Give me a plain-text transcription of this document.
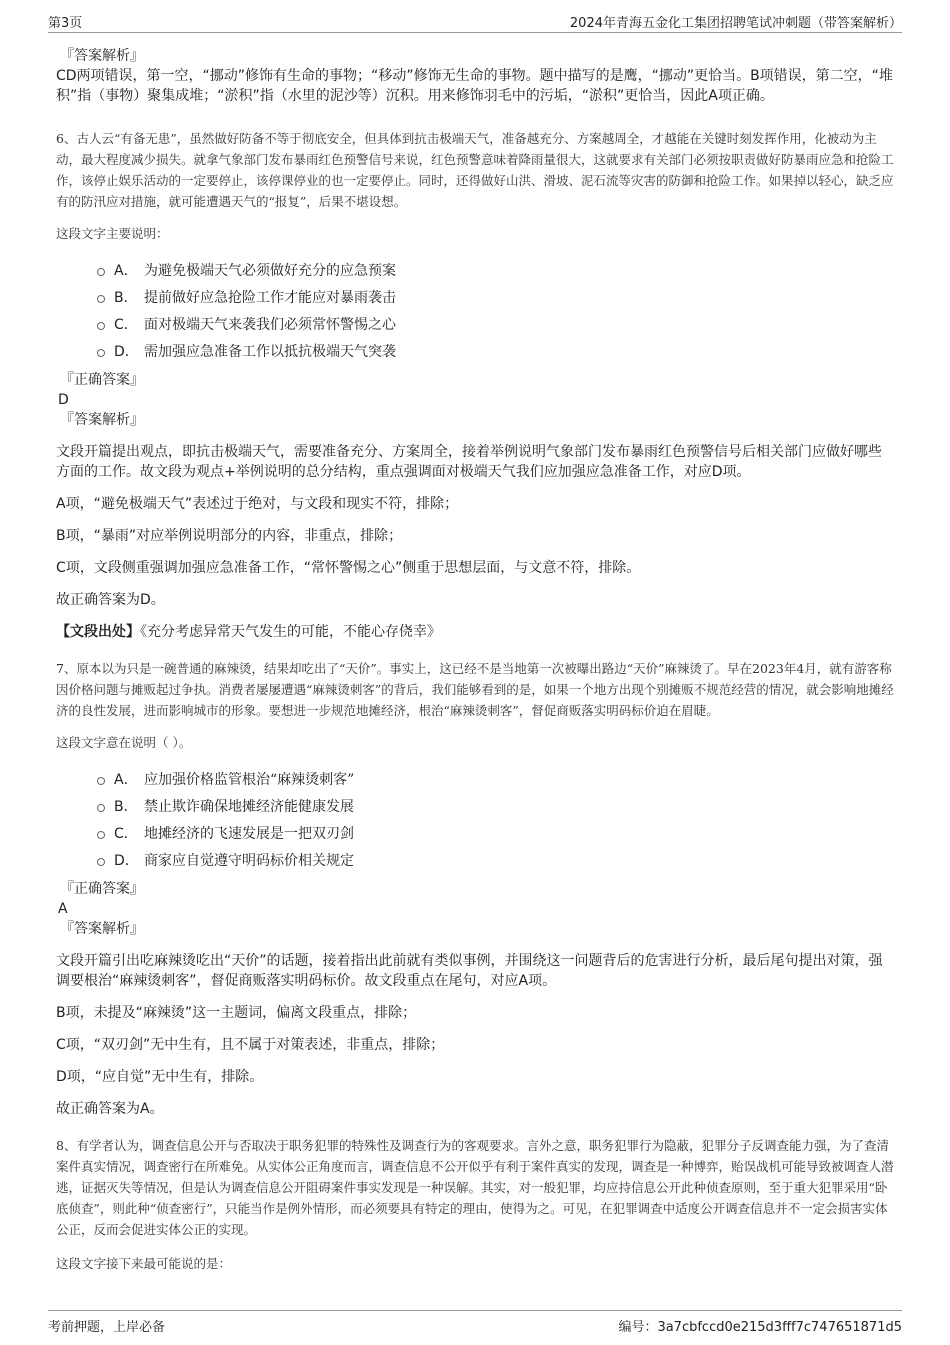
第3页	2024年青海五金化工集团招聘笔试冲刺题（带答案解析）
『答案解析』

CD两项错误，第一空，“挪动”修饰有生命的事物；“移动”修饰无生命的事物。题中描写的是鹰，“挪动”更恰当。B项错误，第二空，“堆积”指（事物）聚集成堆；“淤积”指（水里的泥沙等）沉积。用来修饰羽毛中的污垢，“淤积”更恰当，因此A项正确。

6、古人云“有备无患”，虽然做好防备不等于彻底安全，但具体到抗击极端天气，准备越充分、方案越周全，才越能在关键时刻发挥作用，化被动为主动，最大程度减少损失。就拿气象部门发布暴雨红色预警信号来说，红色预警意味着降雨量很大，这就要求有关部门必须按职责做好防暴雨应急和抢险工作，该停止娱乐活动的一定要停止，该停课停业的也一定要停止。同时，还得做好山洪、滑坡、泥石流等灾害的防御和抢险工作。如果掉以轻心，缺乏应有的防汛应对措施，就可能遭遇天气的“报复”，后果不堪设想。

这段文字主要说明：

A． 为避免极端天气必须做好充分的应急预案
B． 提前做好应急抢险工作才能应对暴雨袭击
C． 面对极端天气来袭我们必须常怀警惕之心
D． 需加强应急准备工作以抵抗极端天气突袭
『正确答案』
D
『答案解析』

文段开篇提出观点，即抗击极端天气，需要准备充分、方案周全，接着举例说明气象部门发布暴雨红色预警信号后相关部门应做好哪些方面的工作。故文段为观点+举例说明的总分结构，重点强调面对极端天气我们应加强应急准备工作，对应D项。

A项，“避免极端天气”表述过于绝对，与文段和现实不符，排除；

B项，“暴雨”对应举例说明部分的内容，非重点，排除；

C项，文段侧重强调加强应急准备工作，“常怀警惕之心”侧重于思想层面，与文意不符，排除。

故正确答案为D。

【文段出处】《充分考虑异常天气发生的可能，不能心存侥幸》

7、原本以为只是一碗普通的麻辣烫，结果却吃出了“天价”。事实上，这已经不是当地第一次被曝出路边“天价”麻辣烫了。早在2023年4月，就有游客称因价格问题与摊贩起过争执。消费者屡屡遭遇“麻辣烫刺客”的背后，我们能够看到的是，如果一个地方出现个别摊贩不规范经营的情况，就会影响地摊经济的良性发展，进而影响城市的形象。要想进一步规范地摊经济，根治“麻辣烫刺客”，督促商贩落实明码标价迫在眉睫。

这段文字意在说明（ ）。

A． 应加强价格监管根治“麻辣烫刺客”
B． 禁止欺诈确保地摊经济能健康发展
C． 地摊经济的飞速发展是一把双刃剑
D． 商家应自觉遵守明码标价相关规定
『正确答案』
A
『答案解析』

文段开篇引出吃麻辣烫吃出“天价”的话题，接着指出此前就有类似事例，并围绕这一问题背后的危害进行分析，最后尾句提出对策，强调要根治“麻辣烫刺客”，督促商贩落实明码标价。故文段重点在尾句，对应A项。

B项，未提及“麻辣烫”这一主题词，偏离文段重点，排除；

C项，“双刃剑”无中生有，且不属于对策表述，非重点，排除；

D项，“应自觉”无中生有，排除。

故正确答案为A。

8、有学者认为，调查信息公开与否取决于职务犯罪的特殊性及调查行为的客观要求。言外之意，职务犯罪行为隐蔽，犯罪分子反调查能力强，为了查清案件真实情况，调查密行在所难免。从实体公正角度而言，调查信息不公开似乎有利于案件真实的发现，调查是一种博弈，贻误战机可能导致被调查人潜逃，证据灭失等情况，但是认为调查信息公开阻碍案件事实发现是一种误解。其实，对一般犯罪，均应持信息公开此种侦查原则，至于重大犯罪采用“卧底侦查”，则此种“侦查密行”，只能当作是例外情形，而必须要具有特定的理由，使得为之。可见，在犯罪调查中适度公开调查信息并不一定会损害实体公正，反而会促进实体公正的实现。

这段文字接下来最可能说的是：

考前押题，上岸必备	编号：3a7cbfccd0e215d3fff7c747651871d5
